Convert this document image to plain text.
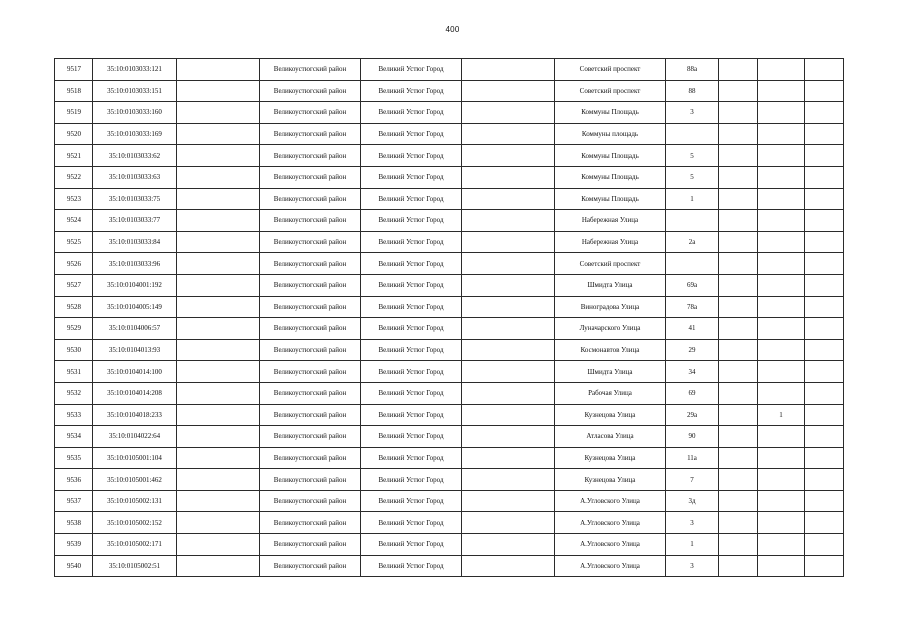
400
9517	35:10:0103033:121		Великоустюгский район	Великий Устюг Город		Советский проспект	88а			
9518	35:10:0103033:151		Великоустюгский район	Великий Устюг Город		Советский проспект	88			
9519	35:10:0103033:160		Великоустюгский район	Великий Устюг Город		Коммуны Площадь	3			
9520	35:10:0103033:169		Великоустюгский район	Великий Устюг Город		Коммуны площадь				
9521	35:10:0103033:62		Великоустюгский район	Великий Устюг Город		Коммуны Площадь	5			
9522	35:10:0103033:63		Великоустюгский район	Великий Устюг Город		Коммуны Площадь	5			
9523	35:10:0103033:75		Великоустюгский район	Великий Устюг Город		Коммуны Площадь	1			
9524	35:10:0103033:77		Великоустюгский район	Великий Устюг Город		Набережная Улица				
9525	35:10:0103033:84		Великоустюгский район	Великий Устюг Город		Набережная Улица	2а			
9526	35:10:0103033:96		Великоустюгский район	Великий Устюг Город		Советский проспект				
9527	35:10:0104001:192		Великоустюгский район	Великий Устюг Город		Шмидта Улица	69а			
9528	35:10:0104005:149		Великоустюгский район	Великий Устюг Город		Виноградова Улица	78а			
9529	35:10:0104006:57		Великоустюгский район	Великий Устюг Город		Луначарского Улица	41			
9530	35:10:0104013:93		Великоустюгский район	Великий Устюг Город		Космонавтов Улица	29			
9531	35:10:0104014:100		Великоустюгский район	Великий Устюг Город		Шмидта Улица	34			
9532	35:10:0104014:208		Великоустюгский район	Великий Устюг Город		Рабочая Улица	69			
9533	35:10:0104018:233		Великоустюгский район	Великий Устюг Город		Кузнецова Улица	29а		1	
9534	35:10:0104022:64		Великоустюгский район	Великий Устюг Город		Атласова Улица	90			
9535	35:10:0105001:104		Великоустюгский район	Великий Устюг Город		Кузнецова Улица	11а			
9536	35:10:0105001:462		Великоустюгский район	Великий Устюг Город		Кузнецова Улица	7			
9537	35:10:0105002:131		Великоустюгский район	Великий Устюг Город		А.Угловского Улица	3д			
9538	35:10:0105002:152		Великоустюгский район	Великий Устюг Город		А.Угловского Улица	3			
9539	35:10:0105002:171		Великоустюгский район	Великий Устюг Город		А.Угловского Улица	1			
9540	35:10:0105002:51		Великоустюгский район	Великий Устюг Город		А.Угловского Улица	3			
